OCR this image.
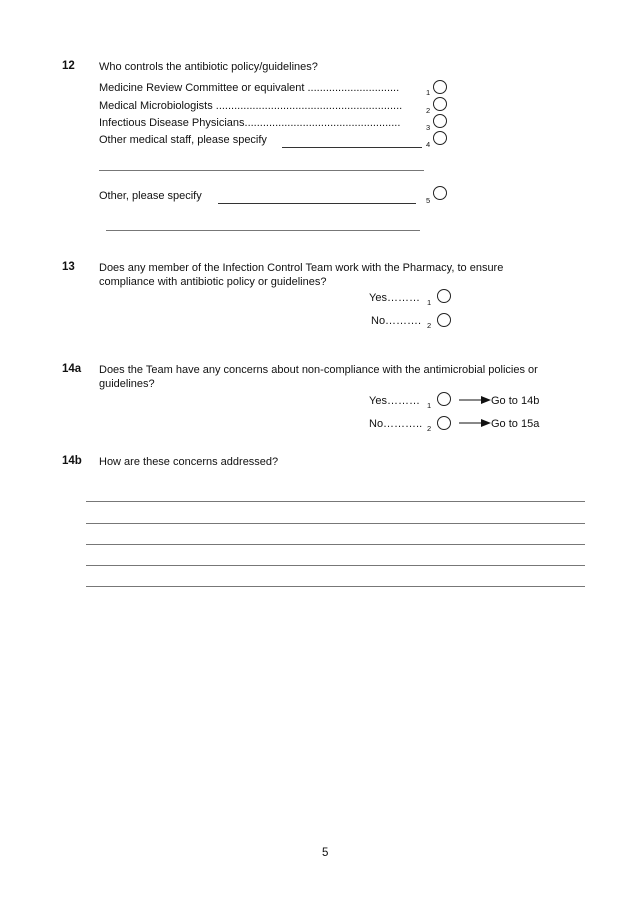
12 Who controls the antibiotic policy/guidelines?
Medicine Review Committee or equivalent ..............................	1
Medical Microbiologists .............................................................	2
Infectious Disease Physicians...................................................	3
Other medical staff, please specify	4
Other, please specify	5
13 Does any member of the Infection Control Team work with the Pharmacy, to ensure
compliance with antibiotic policy or guidelines?
Yes……… 1
No………. 2
14a Does the Team have any concerns about non-compliance with the antimicrobial policies or
guidelines?
Yes……… 1	Go to 14b
No……….. 2	Go to 15a
14b How are these concerns addressed?
5
